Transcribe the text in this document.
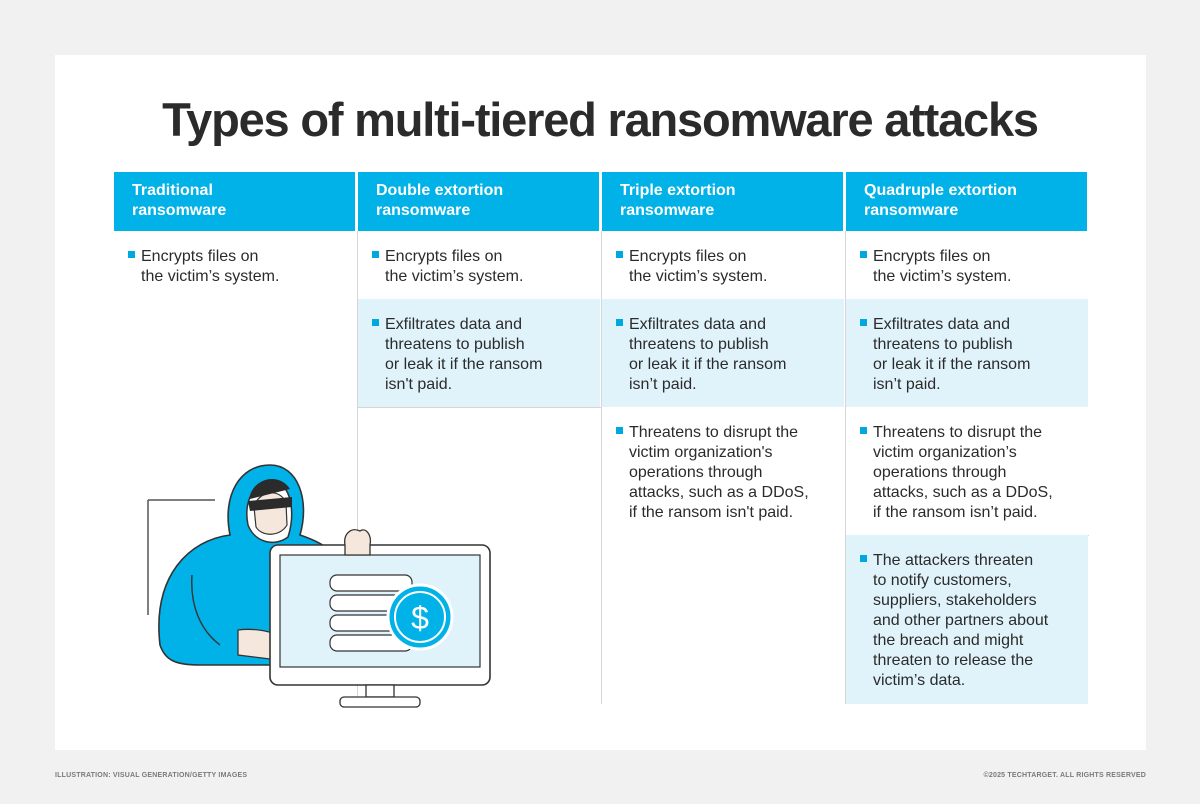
Types of multi-tiered ransomware attacks
Traditional
ransomware
Double extortion
ransomware
Triple extortion
ransomware
Quadruple extortion
ransomware
Encrypts files on
the victim’s system.
Encrypts files on
the victim’s system.
Exfiltrates data and
threatens to publish
or leak it if the ransom
isn't paid.
Encrypts files on
the victim’s system.
Exfiltrates data and
threatens to publish
or leak it if the ransom
isn’t paid.
Threatens to disrupt the
victim organization's
operations through
attacks, such as a DDoS,
if the ransom isn't paid.
Encrypts files on
the victim’s system.
Exfiltrates data and
threatens to publish
or leak it if the ransom
isn’t paid.
Threatens to disrupt the
victim organization’s
operations through
attacks, such as a DDoS,
if the ransom isn’t paid.
The attackers threaten
to notify customers,
suppliers, stakeholders
and other partners about
the breach and might
threaten to release the
victim’s data.
$
ILLUSTRATION: VISUAL GENERATION/GETTY IMAGES	©2025 TECHTARGET. ALL RIGHTS RESERVED
